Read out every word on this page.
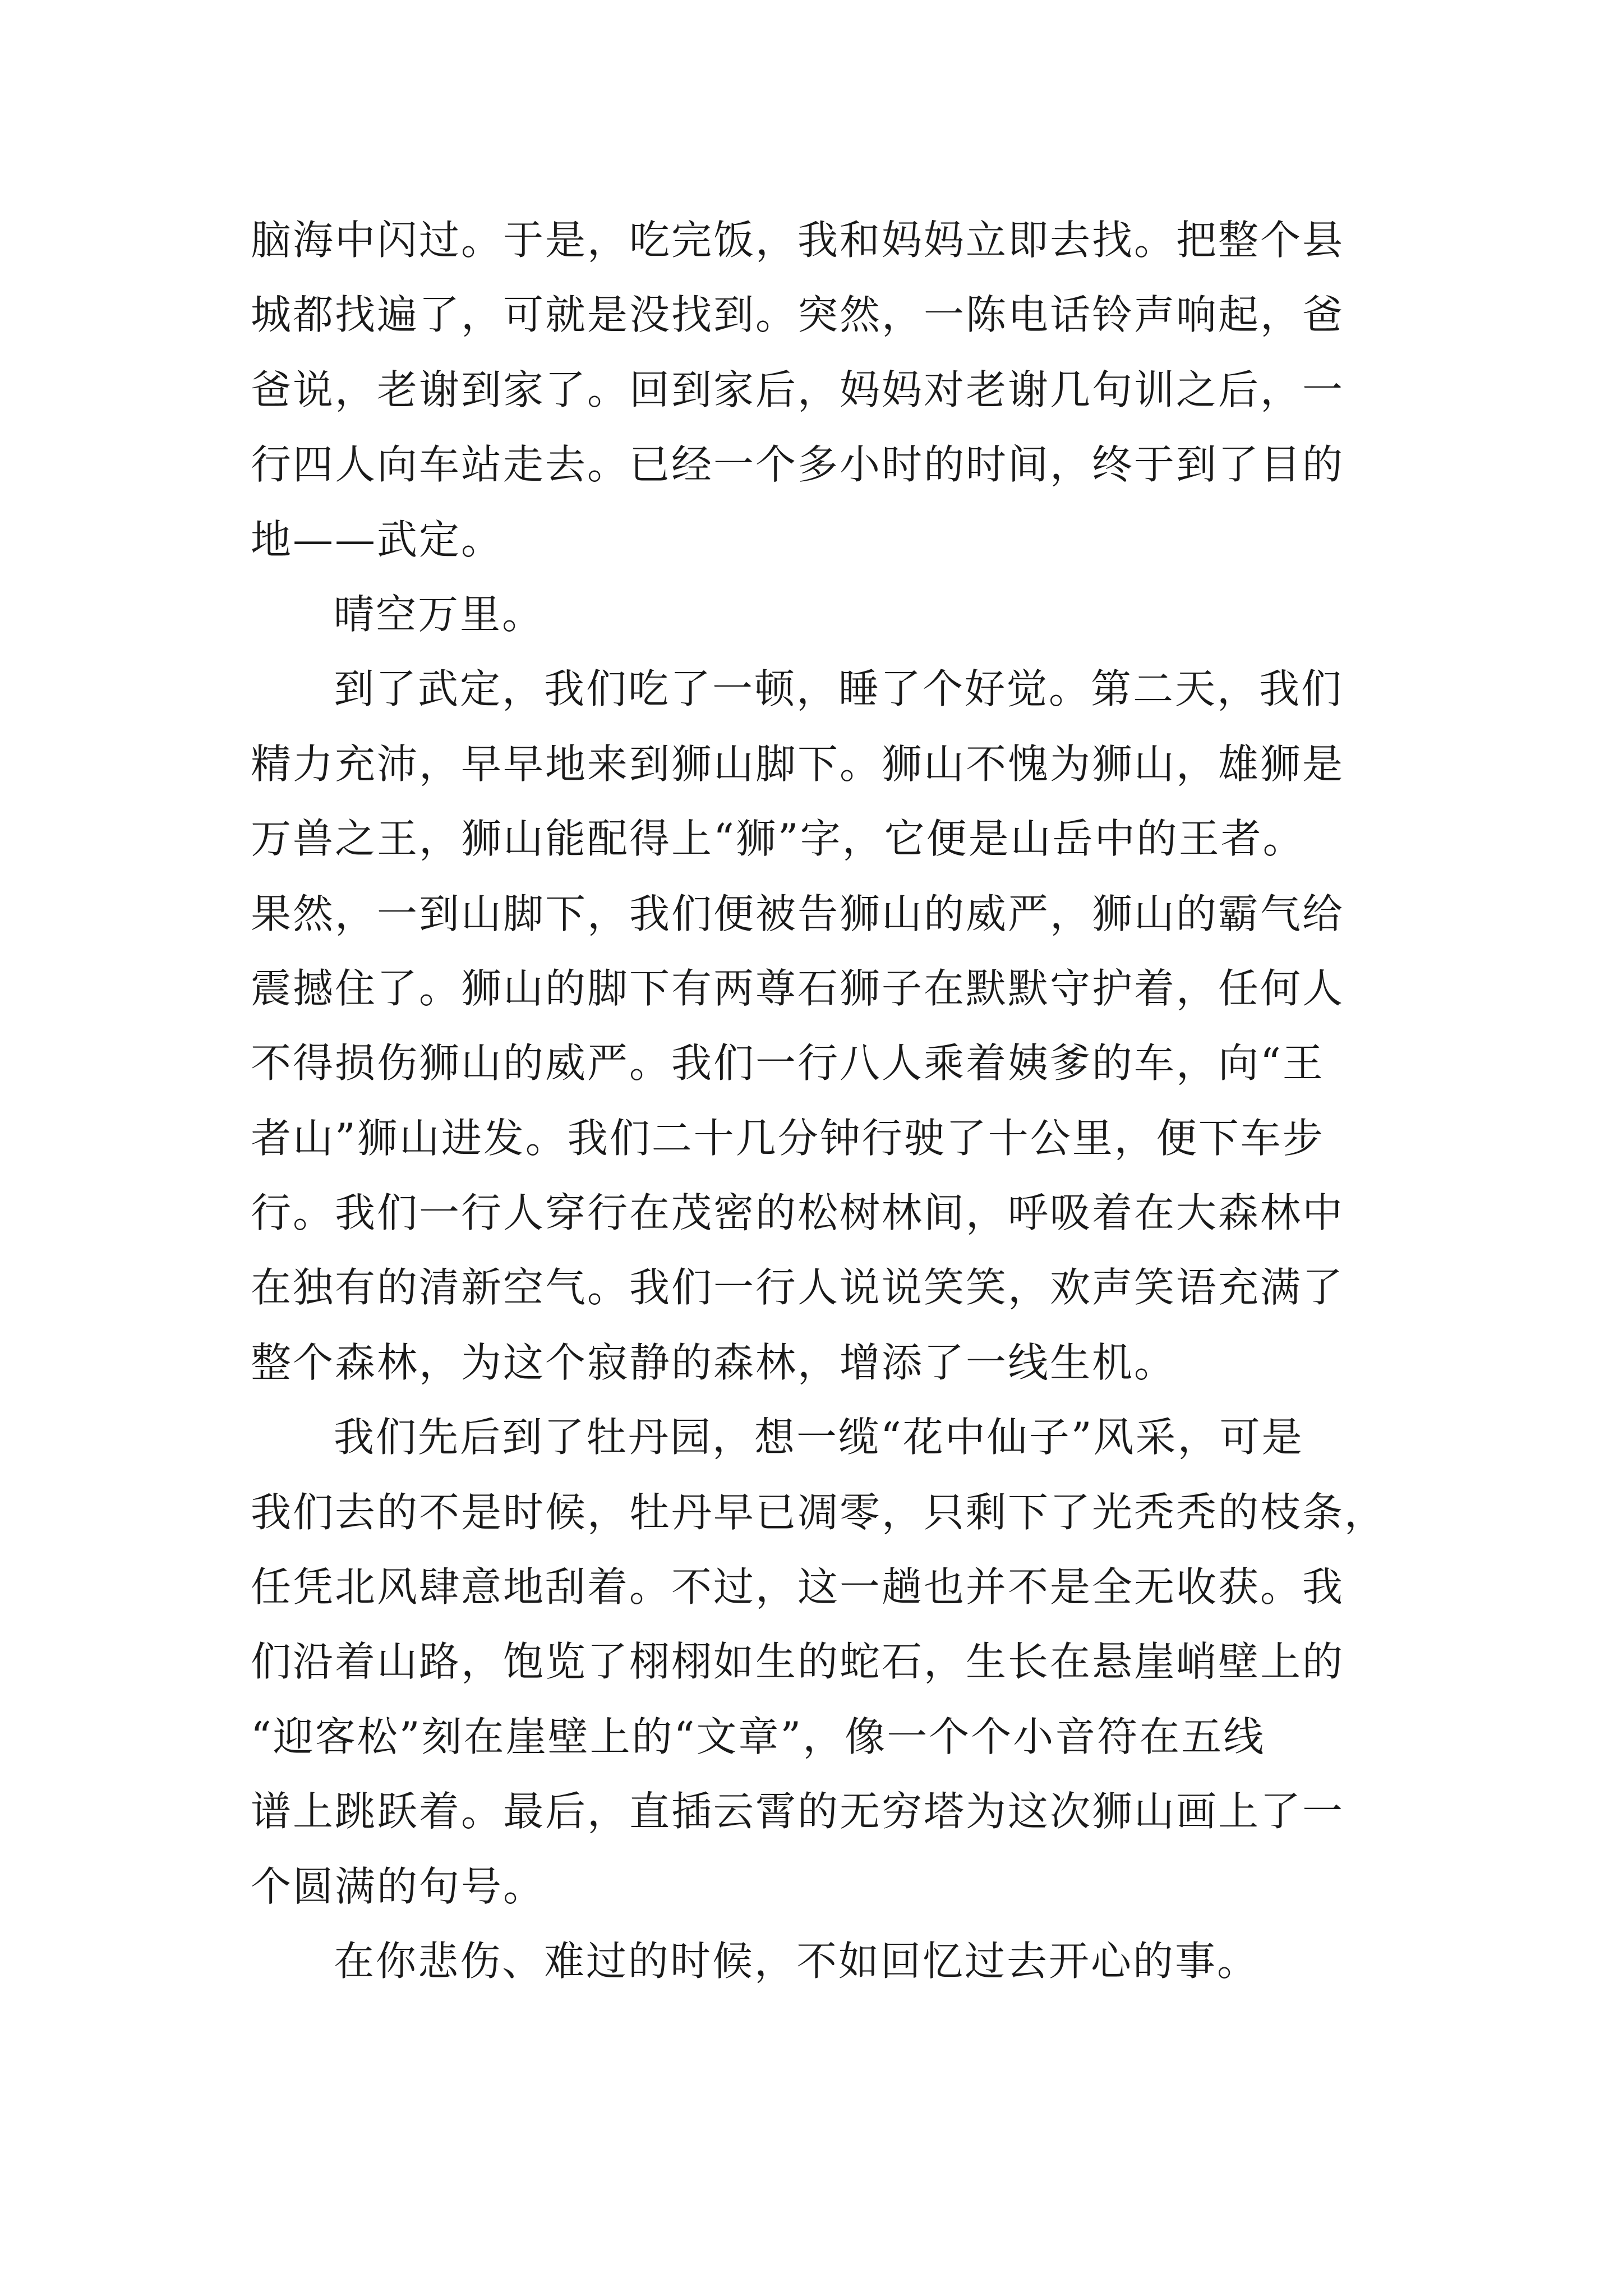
脑海中闪过。于是，吃完饭，我和妈妈立即去找。把整个县
城都找遍了，可就是没找到。突然，一陈电话铃声响起，爸
爸说，老谢到家了。回到家后，妈妈对老谢几句训之后，一
行四人向车站走去。已经一个多小时的时间，终于到了目的
地——武定。
晴空万里。
到了武定，我们吃了一顿，睡了个好觉。第二天，我们
精力充沛，早早地来到狮山脚下。狮山不愧为狮山，雄狮是
万兽之王，狮山能配得上“狮”字，它便是山岳中的王者。
果然，一到山脚下，我们便被告狮山的威严，狮山的霸气给
震撼住了。狮山的脚下有两尊石狮子在默默守护着，任何人
不得损伤狮山的威严。我们一行八人乘着姨爹的车，向“王
者山”狮山进发。我们二十几分钟行驶了十公里，便下车步
行。我们一行人穿行在茂密的松树林间，呼吸着在大森林中
在独有的清新空气。我们一行人说说笑笑，欢声笑语充满了
整个森林，为这个寂静的森林，增添了一线生机。
我们先后到了牡丹园，想一缆“花中仙子”风采，可是
我们去的不是时候，牡丹早已凋零，只剩下了光秃秃的枝条，
任凭北风肆意地刮着。不过，这一趟也并不是全无收获。我
们沿着山路，饱览了栩栩如生的蛇石，生长在悬崖峭壁上的
“迎客松”刻在崖壁上的“文章”，像一个个小音符在五线
谱上跳跃着。最后，直插云霄的无穷塔为这次狮山画上了一
个圆满的句号。
在你悲伤、难过的时候，不如回忆过去开心的事。
